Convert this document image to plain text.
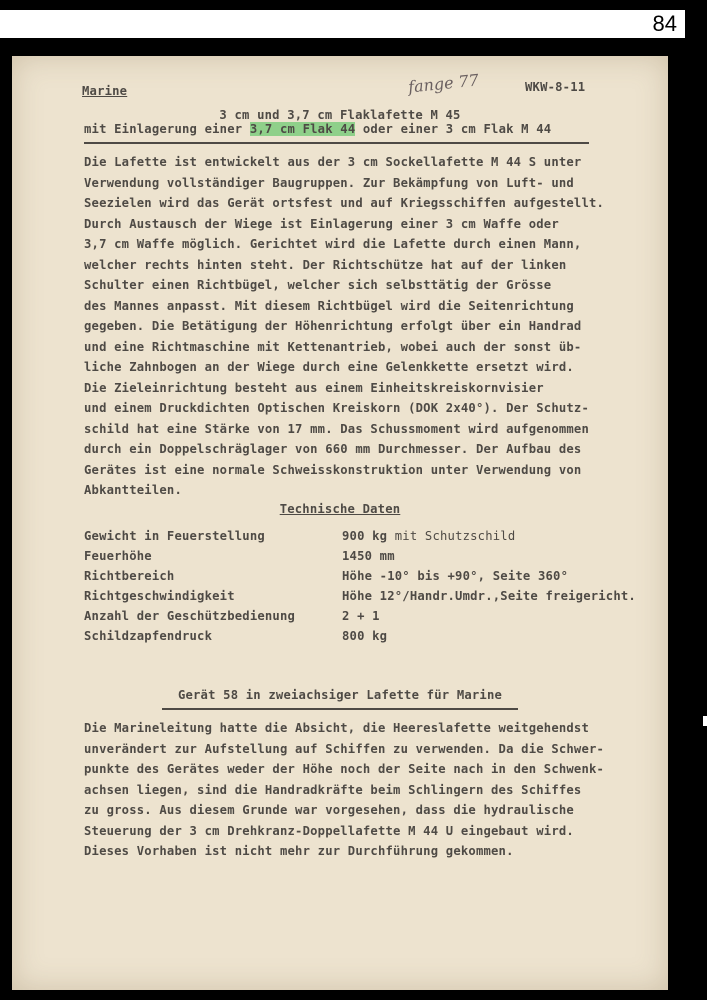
84
Marine	fange 77	WKW-8-11
3 cm und 3,7 cm Flaklafette M 45
mit Einlagerung einer 3,7 cm Flak 44 oder einer 3 cm Flak M 44

Die Lafette ist entwickelt aus der 3 cm Sockellafette M 44 S unter

Verwendung vollständiger Baugruppen. Zur Bekämpfung von Luft- und

Seezielen wird das Gerät ortsfest und auf Kriegsschiffen aufgestellt.

Durch Austausch der Wiege ist Einlagerung einer 3 cm Waffe oder

3,7 cm Waffe möglich. Gerichtet wird die Lafette durch einen Mann,

welcher rechts hinten steht. Der Richtschütze hat auf der linken

Schulter einen Richtbügel, welcher sich selbsttätig der Grösse

des Mannes anpasst. Mit diesem Richtbügel wird die Seitenrichtung

gegeben. Die Betätigung der Höhenrichtung erfolgt über ein Handrad

und eine Richtmaschine mit Kettenantrieb, wobei auch der sonst üb-

liche Zahnbogen an der Wiege durch eine Gelenkkette ersetzt wird.

Die Zieleinrichtung besteht aus einem Einheitskreiskornvisier

und einem Druckdichten Optischen Kreiskorn (DOK 2x40°). Der Schutz-

schild hat eine Stärke von 17 mm. Das Schussmoment wird aufgenommen

durch ein Doppelschräglager von 660 mm Durchmesser. Der Aufbau des

Gerätes ist eine normale Schweisskonstruktion unter Verwendung von

Abkantteilen.

Technische Daten
Gewicht in Feuerstellung	900 kg mit Schutzschild
Feuerhöhe	1450 mm
Richtbereich	Höhe -10° bis +90°, Seite 360°
Richtgeschwindigkeit	Höhe 12°/Handr.Umdr.,Seite freigericht.
Anzahl der Geschützbedienung	2 + 1
Schildzapfendruck	800 kg
Gerät 58 in zweiachsiger Lafette für Marine

Die Marineleitung hatte die Absicht, die Heereslafette weitgehendst

unverändert zur Aufstellung auf Schiffen zu verwenden. Da die Schwer-

punkte des Gerätes weder der Höhe noch der Seite nach in den Schwenk-

achsen liegen, sind die Handradkräfte beim Schlingern des Schiffes

zu gross. Aus diesem Grunde war vorgesehen, dass die hydraulische

Steuerung der 3 cm Drehkranz-Doppellafette M 44 U eingebaut wird.

Dieses Vorhaben ist nicht mehr zur Durchführung gekommen.
